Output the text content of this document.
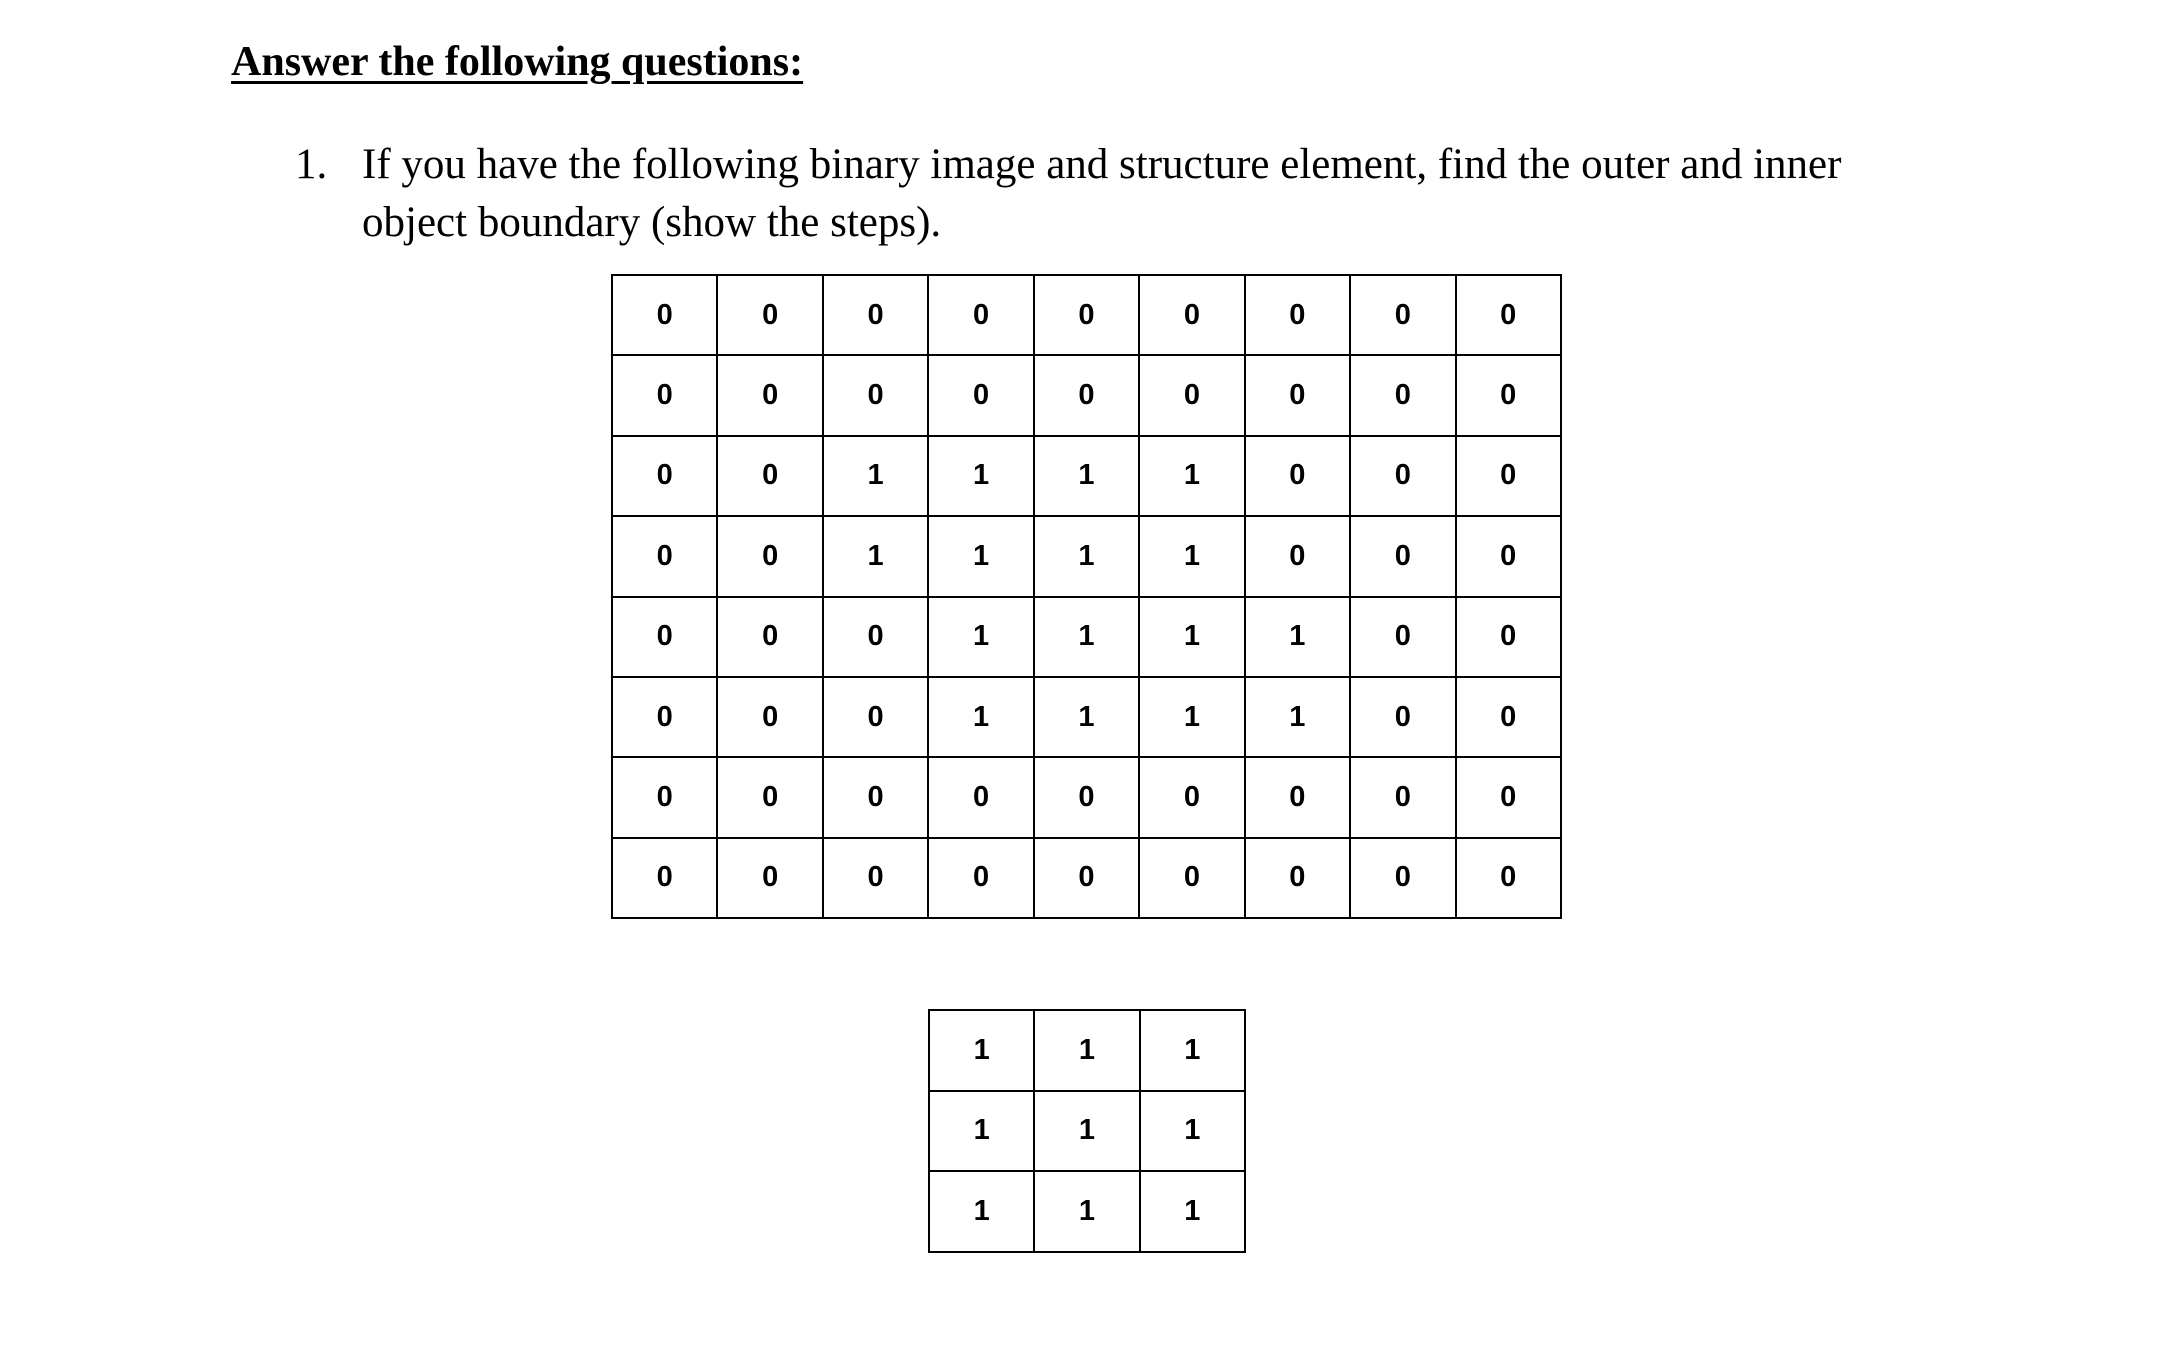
Answer the following questions:
1. If you have the following binary image and structure element, find the outer and inner object boundary (show the steps).
0	0	0	0	0	0	0	0	0
0	0	0	0	0	0	0	0	0
0	0	1	1	1	1	0	0	0
0	0	1	1	1	1	0	0	0
0	0	0	1	1	1	1	0	0
0	0	0	1	1	1	1	0	0
0	0	0	0	0	0	0	0	0
0	0	0	0	0	0	0	0	0
1	1	1
1	1	1
1	1	1
